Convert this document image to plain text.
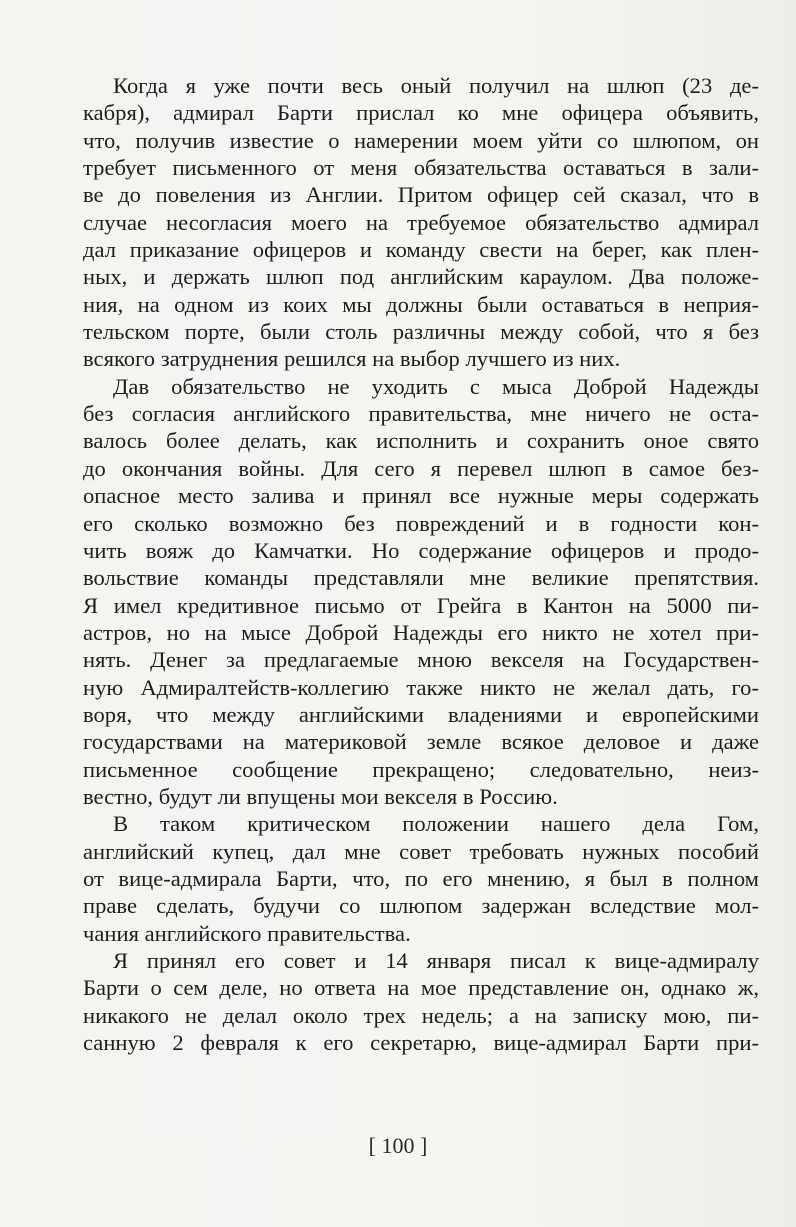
Когда я уже почти весь оный получил на шлюп (23 де-
кабря), адмирал Барти прислал ко мне офицера объявить,
что, получив известие о намерении моем уйти со шлюпом, он
требует письменного от меня обязательства оставаться в зали-
ве до повеления из Англии. Притом офицер сей сказал, что в
случае несогласия моего на требуемое обязательство адмирал
дал приказание офицеров и команду свести на берег, как плен-
ных, и держать шлюп под английским караулом. Два положе-
ния, на одном из коих мы должны были оставаться в неприя-
тельском порте, были столь различны между собой, что я без
всякого затруднения решился на выбор лучшего из них.
Дав обязательство не уходить с мыса Доброй Надежды
без согласия английского правительства, мне ничего не оста-
валось более делать, как исполнить и сохранить оное свято
до окончания войны. Для сего я перевел шлюп в самое без-
опасное место залива и принял все нужные меры содержать
его сколько возможно без повреждений и в годности кон-
чить вояж до Камчатки. Но содержание офицеров и продо-
вольствие команды представляли мне великие препятствия.
Я имел кредитивное письмо от Грейга в Кантон на 5000 пи-
астров, но на мысе Доброй Надежды его никто не хотел при-
нять. Денег за предлагаемые мною векселя на Государствен-
ную Адмиралтейств-коллегию также никто не желал дать, го-
воря, что между английскими владениями и европейскими
государствами на материковой земле всякое деловое и даже
письменное сообщение прекращено; следовательно, неиз-
вестно, будут ли впущены мои векселя в Россию.
В таком критическом положении нашего дела Гом,
английский купец, дал мне совет требовать нужных пособий
от вице-адмирала Барти, что, по его мнению, я был в полном
праве сделать, будучи со шлюпом задержан вследствие мол-
чания английского правительства.
Я принял его совет и 14 января писал к вице-адмиралу
Барти о сем деле, но ответа на мое представление он, однако ж,
никакого не делал около трех недель; а на записку мою, пи-
санную 2 февраля к его секретарю, вице-адмирал Барти при-
[ 100 ]
